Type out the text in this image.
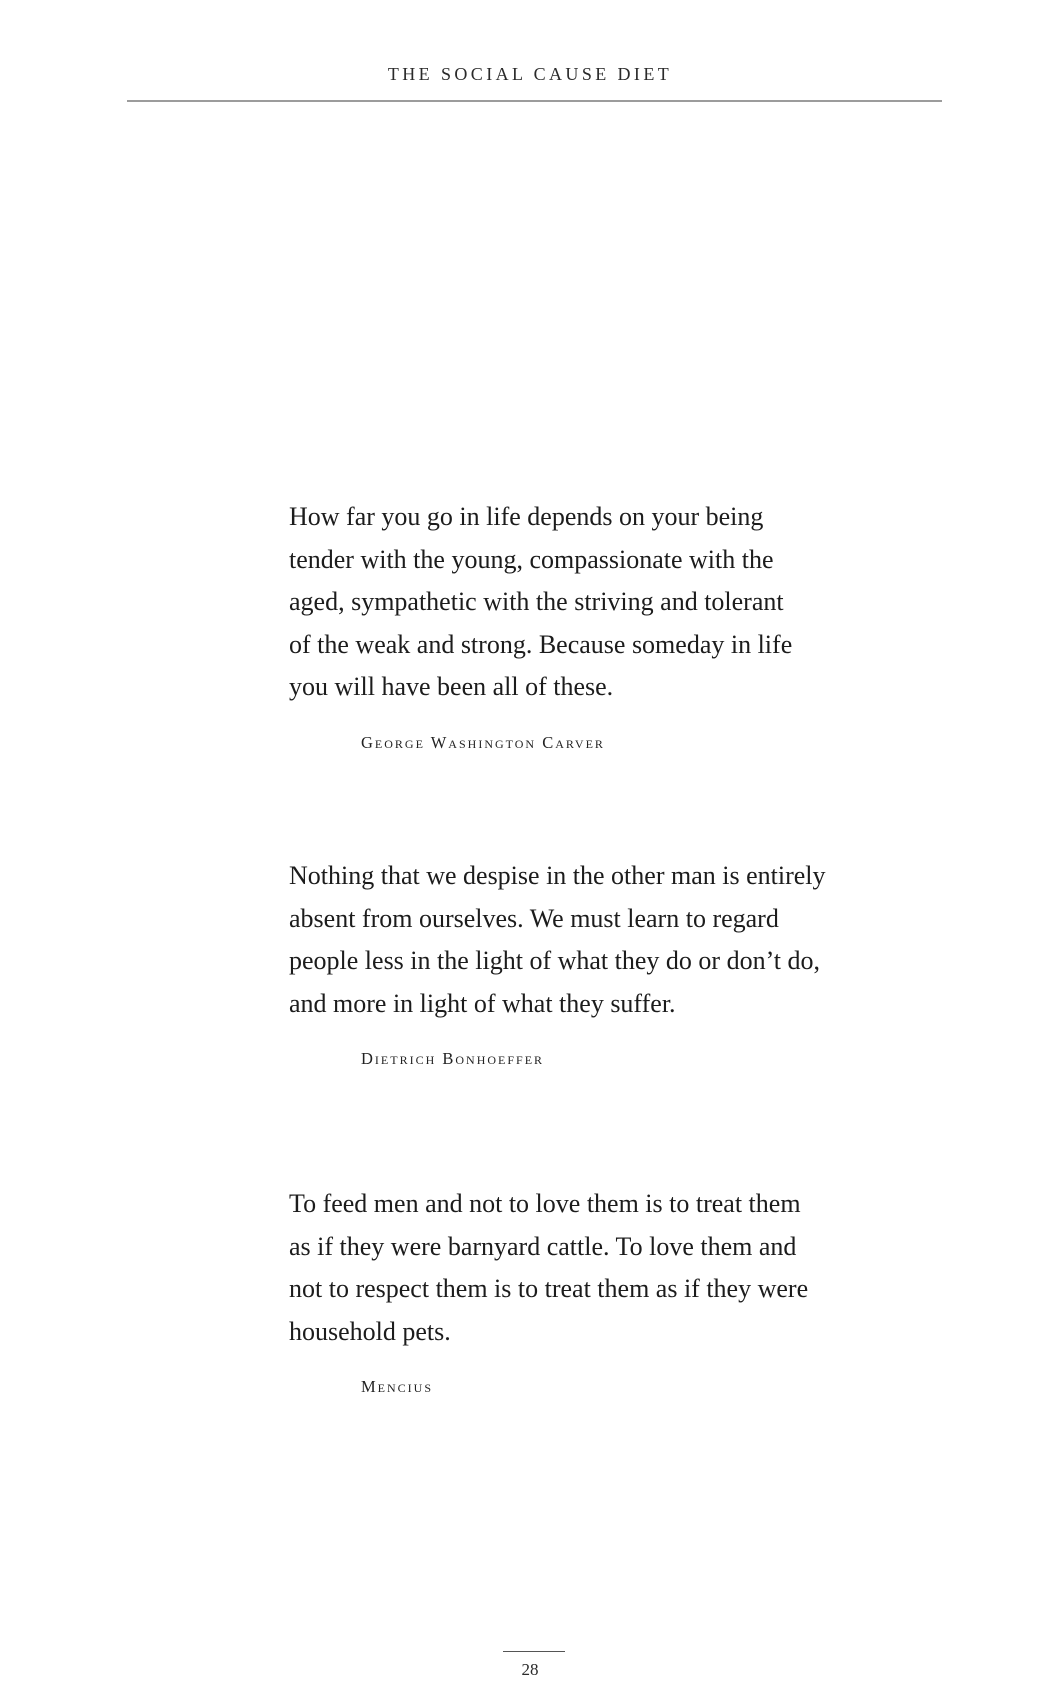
THE SOCIAL CAUSE DIET

How far you go in life depends on your being
tender with the young, compassionate with the
aged, sympathetic with the striving and tolerant
of the weak and strong. Because someday in life
you will have been all of these.

George Washington Carver

Nothing that we despise in the other man is entirely
absent from ourselves. We must learn to regard
people less in the light of what they do or don’t do,
and more in light of what they suffer.

Dietrich Bonhoeffer

To feed men and not to love them is to treat them
as if they were barnyard cattle. To love them and
not to respect them is to treat them as if they were
household pets.

Mencius
28
